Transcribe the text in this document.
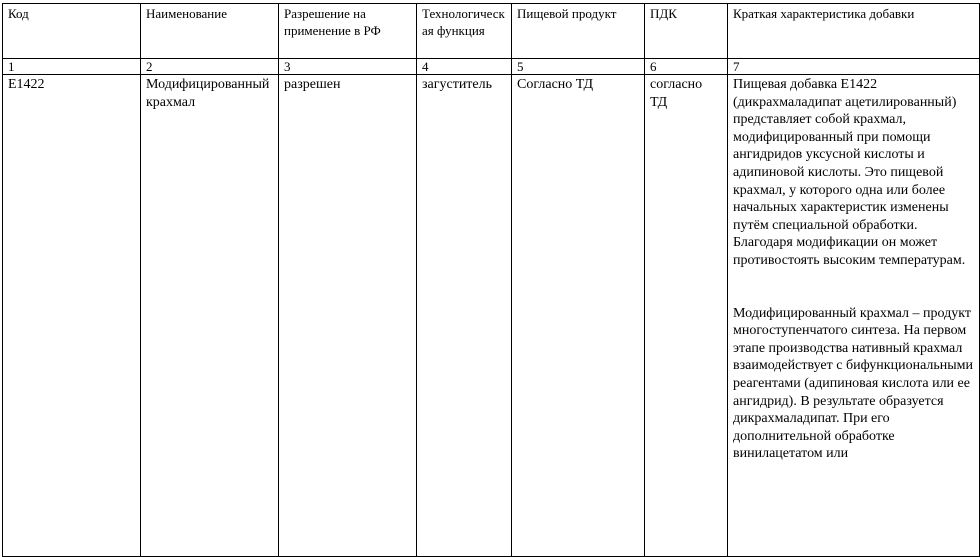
Код	Наименование	Разрешение на применение в РФ	Технологическая функция	Пищевой продукт	ПДК	Краткая характеристика добавки
1	2	3	4	5	6	7
Е1422	Модифицированный крахмал	разрешен	загуститель	Согласно ТД	согласно ТД	Пищевая добавка Е1422 (дикрахмаладипат ацетилированный) представляет собой крахмал, модифицированный при помощи ангидридов уксусной кислоты и адипиновой кислоты. Это пищевой крахмал, у которого одна или более начальных характеристик изменены путём специальной обработки. Благодаря модификации он может противостоять высоким температурам.
Модифицированный крахмал – продукт многоступенчатого синтеза. На первом этапе производства нативный крахмал взаимодействует с бифункциональными реагентами (адипиновая кислота или ее ангидрид). В результате образуется дикрахмаладипат. При его дополнительной обработке винилацетатом или
